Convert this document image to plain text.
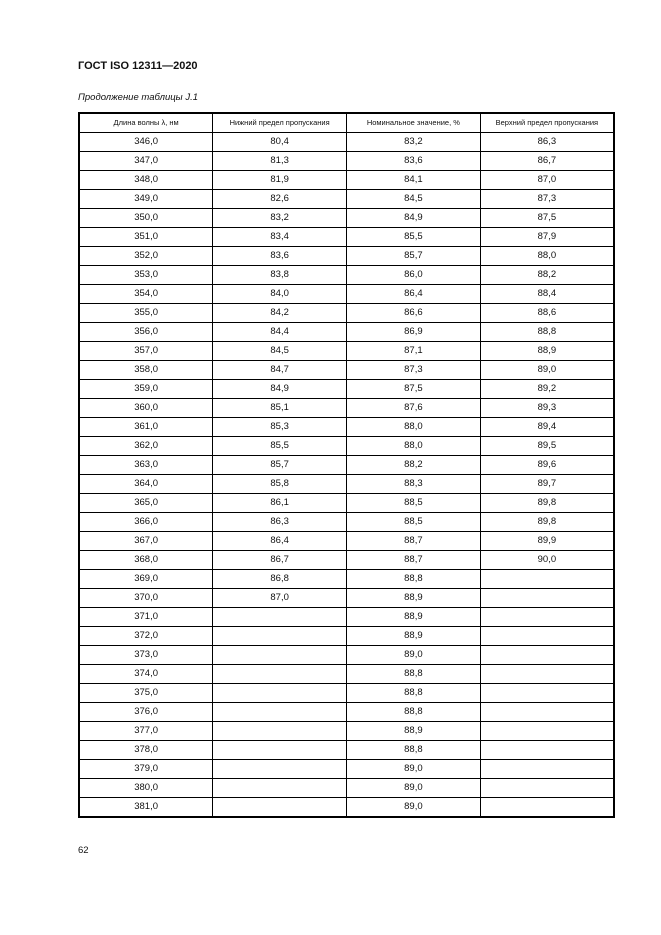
ГОСТ ISO 12311—2020
Продолжение таблицы J.1
Длина волны λ, нм	Нижний предел пропускания	Номинальное значение, %	Верхний предел пропускания
346,0	80,4	83,2	86,3
347,0	81,3	83,6	86,7
348,0	81,9	84,1	87,0
349,0	82,6	84,5	87,3
350,0	83,2	84,9	87,5
351,0	83,4	85,5	87,9
352,0	83,6	85,7	88,0
353,0	83,8	86,0	88,2
354,0	84,0	86,4	88,4
355,0	84,2	86,6	88,6
356,0	84,4	86,9	88,8
357,0	84,5	87,1	88,9
358,0	84,7	87,3	89,0
359,0	84,9	87,5	89,2
360,0	85,1	87,6	89,3
361,0	85,3	88,0	89,4
362,0	85,5	88,0	89,5
363,0	85,7	88,2	89,6
364,0	85,8	88,3	89,7
365,0	86,1	88,5	89,8
366,0	86,3	88,5	89,8
367,0	86,4	88,7	89,9
368,0	86,7	88,7	90,0
369,0	86,8	88,8	
370,0	87,0	88,9	
371,0		88,9	
372,0		88,9	
373,0		89,0	
374,0		88,8	
375,0		88,8	
376,0		88,8	
377,0		88,9	
378,0		88,8	
379,0		89,0	
380,0		89,0	
381,0		89,0	
62
